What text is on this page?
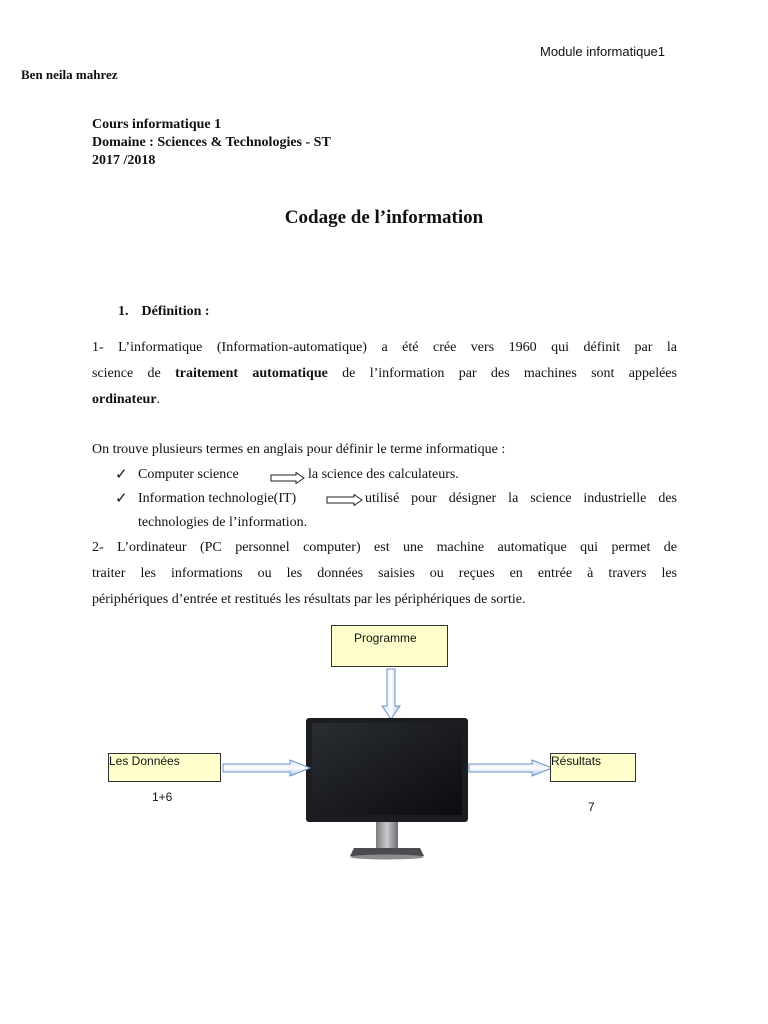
Module informatique1
Ben neila mahrez
Cours informatique 1
Domaine : Sciences & Technologies - ST
2017 /2018
Codage de l’information
1. Définition :
1- L’informatique (Information-automatique) a été crée vers 1960 qui définit par la
science de traitement automatique de l’information par des machines sont appelées
ordinateur.
On trouve plusieurs termes en anglais pour définir le terme informatique :
✓ Computer science	la science des calculateurs.
✓ Information technologie(IT)	utilisé pour désigner la science industrielle des
technologies de l’information.
2- L’ordinateur (PC personnel computer) est une machine automatique qui permet de
traiter les informations ou les données saisies ou reçues en entrée à travers les
périphériques d’entrée et restitués les résultats par les périphériques de sortie.
Programme
Les Données
1+6
Résultats
7
